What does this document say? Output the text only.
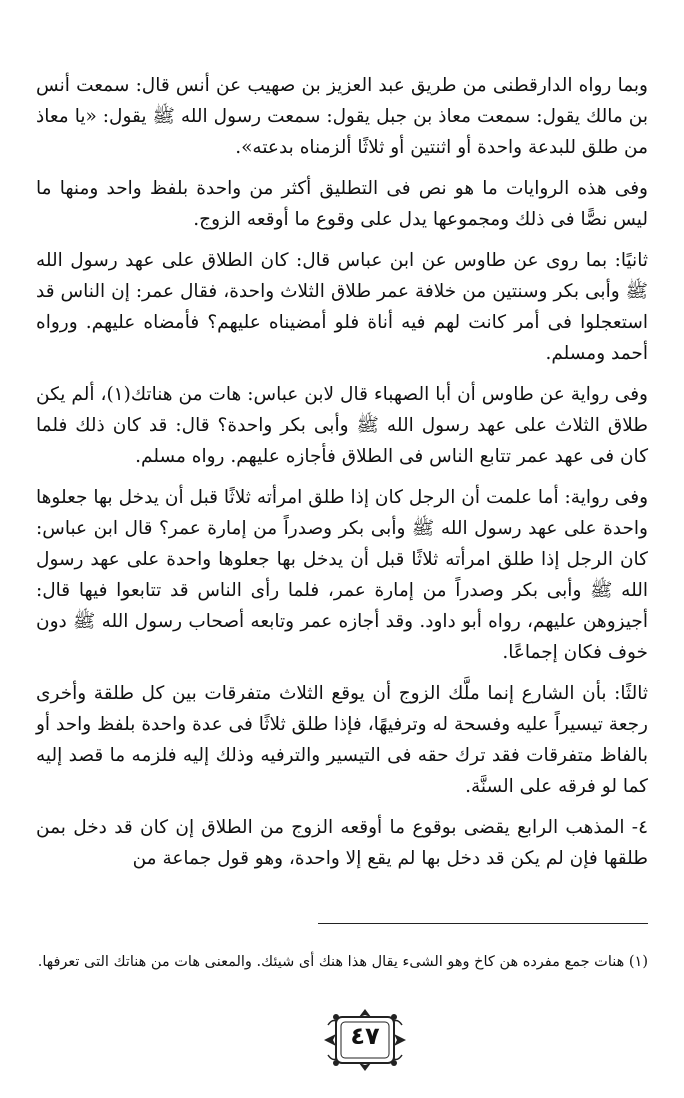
وبما رواه الدارقطنى من طريق عبد العزيز بن صهيب عن أنس قال: سمعت أنس بن مالك يقول: سمعت معاذ بن جبل يقول: سمعت رسول الله ﷺ يقول: «يا معاذ من طلق للبدعة واحدة أو اثنتين أو ثلاثًا ألزمناه بدعته».

وفى هذه الروايات ما هو نص فى التطليق أكثر من واحدة بلفظ واحد ومنها ما ليس نصًّا فى ذلك ومجموعها يدل على وقوع ما أوقعه الزوج.

ثانيًا: بما روى عن طاوس عن ابن عباس قال: كان الطلاق على عهد رسول الله ﷺ وأبى بكر وسنتين من خلافة عمر طلاق الثلاث واحدة، فقال عمر: إن الناس قد استعجلوا فى أمر كانت لهم فيه أناة فلو أمضيناه عليهم؟ فأمضاه عليهم. ورواه أحمد ومسلم.

وفى رواية عن طاوس أن أبا الصهباء قال لابن عباس: هات من هناتك(١)، ألم يكن طلاق الثلاث على عهد رسول الله ﷺ وأبى بكر واحدة؟ قال: قد كان ذلك فلما كان فى عهد عمر تتابع الناس فى الطلاق فأجازه عليهم. رواه مسلم.

وفى رواية: أما علمت أن الرجل كان إذا طلق امرأته ثلاثًا قبل أن يدخل بها جعلوها واحدة على عهد رسول الله ﷺ وأبى بكر وصدراً من إمارة عمر؟ قال ابن عباس: كان الرجل إذا طلق امرأته ثلاثًا قبل أن يدخل بها جعلوها واحدة على عهد رسول الله ﷺ وأبى بكر وصدراً من إمارة عمر، فلما رأى الناس قد تتابعوا فيها قال: أجيزوهن عليهم، رواه أبو داود. وقد أجازه عمر وتابعه أصحاب رسول الله ﷺ دون خوف فكان إجماعًا.

ثالثًا: بأن الشارع إنما ملَّك الزوج أن يوقع الثلاث متفرقات بين كل طلقة وأخرى رجعة تيسيراً عليه وفسحة له وترفيهًا، فإذا طلق ثلاثًا فى عدة واحدة بلفظ واحد أو بالفاظ متفرقات فقد ترك حقه فى التيسير والترفيه وذلك إليه فلزمه ما قصد إليه كما لو فرقه على السنَّة.

٤- المذهب الرابع يقضى بوقوع ما أوقعه الزوج من الطلاق إن كان قد دخل بمن طلقها فإن لم يكن قد دخل بها لم يقع إلا واحدة، وهو قول جماعة من

(١) هنات جمع مفرده هن كاخ وهو الشىء يقال هذا هنك أى شيئك. والمعنى هات من هناتك التى تعرفها.

٤٧
